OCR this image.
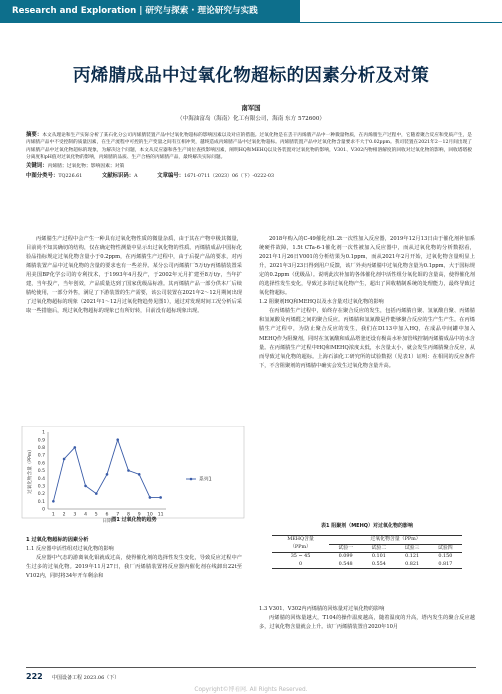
Research and Exploration | 研究与探索 · 理论研究与实践
丙烯腈成品中过氧化物超标的因素分析及对策
南军国
（中海油富岛（海南）化工有限公司，海南 东方 572600）

摘要：本文从理论和生产实际分析了某石化分公司丙烯腈装置产品中过氧化物超标的影响因素以及对应的措施。过氧化物是在丢干丙烯腈产品中一种微量物质，在丙烯腈生产过程中，它随着聚合反应和变质产生，是丙烯腈产品中不受控制的质量因素，在生产流程中可控的生产变量之间有互相冲突，越终造成丙烯腈产品中过氧化物超标。丙烯腈装置产品中过氧化物含量要求不大于0.02ppm。我司装置在2021年2－12月间出现了丙烯腈产品中过氧化物超标的现象，为解决这个问题，本文从反应器和各生产岗位查找影响因素，阐明HQ和MEHQ以及各装置对过氧化物的影响，V301、V302内物相溶解度的回收对过氧化物的影响，回收塔塔板分离度和pH值对过氧化物的影响，丙烯腈的品质、生产合格的丙烯腈产品，最终解决实际问题。

关键词：丙烯腈；过氧化物；影响因素；对策

中图分类号：TQ226.61	文献标识码：A	文章编号：1671-0711（2023）06（下）-0222-03

丙烯腈生产过程中会产生一种具有过氧化物性质的微量杂质，由于其在产物中极其微量，目前尚不知其确切的结构，仅在确定物性测量中显示出过氧化物的性质。丙烯腈成品中国标化验品指标规定过氧化物含量小于0.2ppm，在丙烯腈生产过程中，由于后提产品的要求，对丙烯腈装置产品中过氧化物的含量的要求也有一些差异。某分公司丙烯腈厂5万t/y丙烯腈装置采用美国BP化学公司的专利技术，于1993年4月投产，于2002年元月扩建至8万t/y，当年扩建，当年投产，当年创效，产品质量达到了国家优级品标准。其丙烯腈产品一部分供本厂后续腈纶使用，一部分外售，满足了下游装置的生产需要，该公司装置在2021年2～12月期间出现了过氧化物超标的现象（2021年1～12月过氧化物趋势见图1），通过对发现时间工况分析后采取一些措施后，现过氧化物超标的现象已有所好转，目前没有超标现象出现。

0
0.1
0.2
0.3
0.4
0.5
0.6
0.7
0.8
0.9
1
1 2 3 4 5 6 7 8 9 10 11
日期
过氧化物含量（PPm）	系列1
图1 过氧化物的趋势

1 过氧化物超标的因素分析

1.1 反应器中活性组对过氧化物的影响

反应器中气态的游离氧化钼就成过高，使得催化剂的选择性发生变化，导致反应过程中产生过多的过氧化物。2019年11月27日，我厂丙烯腈装置将反应器内催化剂在线卸出22t至V102内，同时将34年开车剩余和

2018年购入的C-49催化剂1.2t一次性加入反应器，2019年12月13日由于催化剂补加系统硬件故障，1.5t CTa-6-1催化剂一次性被加入反应器中，而从过氧化物的分析数据看，2021年1月26日V001的分析结果为0.1ppm，而从2021年2月开始，过氧化物含量明显上升，2021年3月23日得到用户反馈，该厂外卖丙烯腈中过氧化物含量为0.1ppm，大于国标规定的0.2ppm（优级品）。说明此次补加的各体催化剂中活性组分氧化钼的含量高，使得催化剂的选择性发生变化，导致过多的过氧化物产生，超出了回收精制系统的处理能力，最终导致过氧化物超标。

1.2 阻聚剂HQ和MEHQ以及水含量对过氧化物的影响

在丙烯腈生产过程中，始终存在聚合反应的发生，包括丙烯腈自聚、氢氰酸自聚、丙烯腈和氢氰酸及丙烯醛之间的聚合反应。丙烯腈和氢氰酸是作能够聚合反应的生产生产生。在丙烯腈生产过程中，为防止聚合反应的发生，我们在D113中加入HQ，在成品中间罐中加入MEHQ作为阻聚剂，同时在氢氰酸和成品塔釜还设有极高水补加管线控制丙烯腈成品中的水含量。在丙烯腈生产过程中HQ和MEHQ浓度太低，水含量太小，就会发生丙烯腈聚合反应，从而导致过氧化物的超标。上海石油化工研究所的试验数据（见表1）证明：在相同的反应条件下，不含阻聚剂的丙烯腈中确实会发生过氧化物含量升高。

表1 阻聚剂（MEHQ）对过氧化物的影响
MEHQ含量	过氧化物含量（PPm）			
（PPm）	试验一	试验二	试验三	试验四
35 ~ 45	0.099	0.101	0.121	0.150
0	0.548	0.554	0.821	0.817

1.3 V301、V302内丙烯腈的回炼量对过氧化物的影响

丙烯腈的回炼量越大，T104的操作温度越高，随着温度的升高，塔内发生的聚合反应越多，过氧化物含量就会上升。该厂丙烯腈装置自2020年10月

222 中国设备工程 2023.06（下）
Copyright©博看网. All Rights Reserved.
